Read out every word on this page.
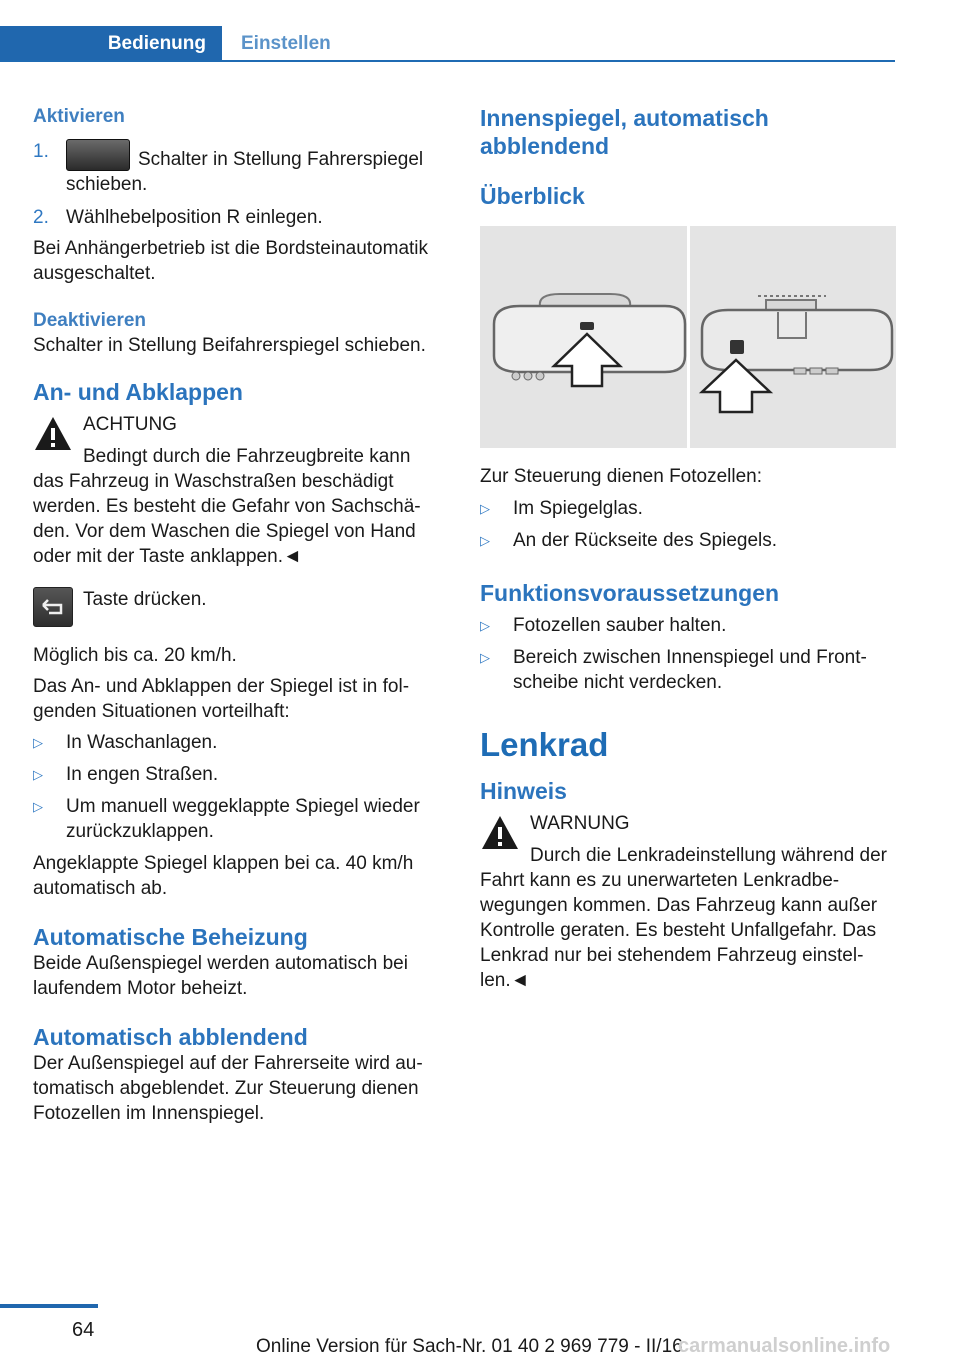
Bedienung	Einstellen
Aktivieren
1.	Schalter in Stellung Fahrerspiegel schieben.
2. Wählhebelposition R einlegen.

Bei Anhängerbetrieb ist die Bordsteinautomatik ausgeschaltet.

Deaktivieren

Schalter in Stellung Beifahrerspiegel schieben.

An- und Abklappen
ACHTUNG
Bedingt durch die Fahrzeugbreite kann das Fahrzeug in Waschstraßen beschädigt werden. Es besteht die Gefahr von Sachschäden. Vor dem Waschen die Spiegel von Hand oder mit der Taste anklappen.◄
Taste drücken.

Möglich bis ca. 20 km/h.

Das An- und Abklappen der Spiegel ist in folgenden Situationen vorteilhaft:

▷ In Waschanlagen.
▷ In engen Straßen.
▷ Um manuell weggeklappte Spiegel wieder zurückzuklappen.

Angeklappte Spiegel klappen bei ca. 40 km/h automatisch ab.

Automatische Beheizung

Beide Außenspiegel werden automatisch bei laufendem Motor beheizt.

Automatisch abblendend

Der Außenspiegel auf der Fahrerseite wird automatisch abgeblendet. Zur Steuerung dienen Fotozellen im Innenspiegel.

Innenspiegel, automatisch abblendend
Überblick

Zur Steuerung dienen Fotozellen:

▷ Im Spiegelglas.
▷ An der Rückseite des Spiegels.
Funktionsvoraussetzungen
▷ Fotozellen sauber halten.
▷ Bereich zwischen Innenspiegel und Frontscheibe nicht verdecken.
Lenkrad
Hinweis
WARNUNG
Durch die Lenkradeinstellung während der Fahrt kann es zu unerwarteten Lenkradbewegungen kommen. Das Fahrzeug kann außer Kontrolle geraten. Es besteht Unfallgefahr. Das Lenkrad nur bei stehendem Fahrzeug einstellen.◄
64
Online Version für Sach-Nr. 01 40 2 969 779 - II/16
carmanualsonline.info
